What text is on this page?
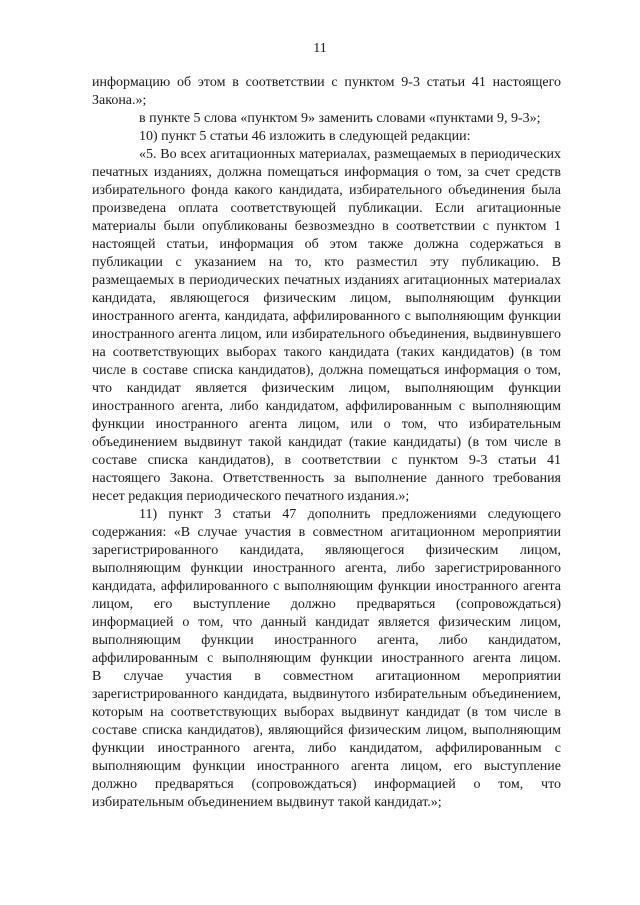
11
информацию об этом в соответствии с пунктом 9-3 статьи 41 настоящего
Закона.»;
в пункте 5 слова «пунктом 9» заменить словами «пунктами 9, 9-3»;
10) пункт 5 статьи 46 изложить в следующей редакции:
«5. Во всех агитационных материалах, размещаемых в периодических
печатных изданиях, должна помещаться информация о том, за счет средств
избирательного фонда какого кандидата, избирательного объединения была
произведена оплата соответствующей публикации. Если агитационные
материалы были опубликованы безвозмездно в соответствии с пунктом 1
настоящей статьи, информация об этом также должна содержаться в
публикации с указанием на то, кто разместил эту публикацию. В
размещаемых в периодических печатных изданиях агитационных материалах
кандидата, являющегося физическим лицом, выполняющим функции
иностранного агента, кандидата, аффилированного с выполняющим функции
иностранного агента лицом, или избирательного объединения, выдвинувшего
на соответствующих выборах такого кандидата (таких кандидатов) (в том
числе в составе списка кандидатов), должна помещаться информация о том,
что кандидат является физическим лицом, выполняющим функции
иностранного агента, либо кандидатом, аффилированным с выполняющим
функции иностранного агента лицом, или о том, что избирательным
объединением выдвинут такой кандидат (такие кандидаты) (в том числе в
составе списка кандидатов), в соответствии с пунктом 9-3 статьи 41
настоящего Закона. Ответственность за выполнение данного требования
несет редакция периодического печатного издания.»;
11) пункт 3 статьи 47 дополнить предложениями следующего
содержания: «В случае участия в совместном агитационном мероприятии
зарегистрированного кандидата, являющегося физическим лицом,
выполняющим функции иностранного агента, либо зарегистрированного
кандидата, аффилированного с выполняющим функции иностранного агента
лицом, его выступление должно предваряться (сопровождаться)
информацией о том, что данный кандидат является физическим лицом,
выполняющим функции иностранного агента, либо кандидатом,
аффилированным с выполняющим функции иностранного агента лицом.
В случае участия в совместном агитационном мероприятии
зарегистрированного кандидата, выдвинутого избирательным объединением,
которым на соответствующих выборах выдвинут кандидат (в том числе в
составе списка кандидатов), являющийся физическим лицом, выполняющим
функции иностранного агента, либо кандидатом, аффилированным с
выполняющим функции иностранного агента лицом, его выступление
должно предваряться (сопровождаться) информацией о том, что
избирательным объединением выдвинут такой кандидат.»;
